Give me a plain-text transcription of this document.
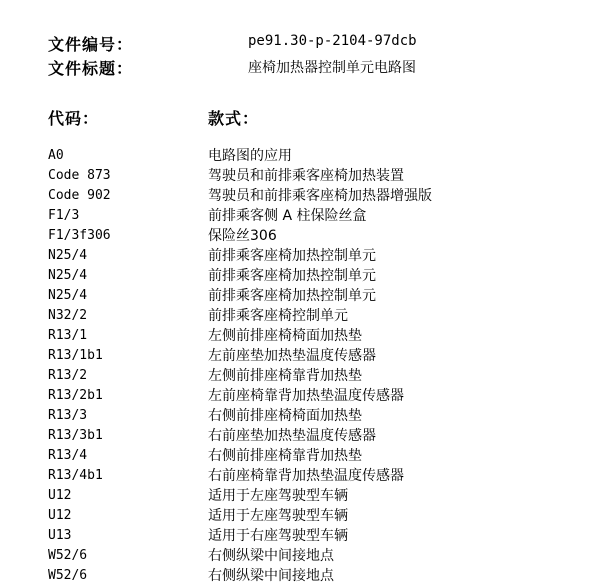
文件编号：	pe91.30-p-2104-97dcb
文件标题：	座椅加热器控制单元电路图
代码：	款式：
A0	电路图的应用
Code 873	驾驶员和前排乘客座椅加热装置
Code 902	驾驶员和前排乘客座椅加热器增强版
F1/3	前排乘客侧 A 柱保险丝盒
F1/3f306	保险丝306
N25/4	前排乘客座椅加热控制单元
N25/4	前排乘客座椅加热控制单元
N25/4	前排乘客座椅加热控制单元
N32/2	前排乘客座椅控制单元
R13/1	左侧前排座椅椅面加热垫
R13/1b1	左前座垫加热垫温度传感器
R13/2	左侧前排座椅靠背加热垫
R13/2b1	左前座椅靠背加热垫温度传感器
R13/3	右侧前排座椅椅面加热垫
R13/3b1	右前座垫加热垫温度传感器
R13/4	右侧前排座椅靠背加热垫
R13/4b1	右前座椅靠背加热垫温度传感器
U12	适用于左座驾驶型车辆
U12	适用于左座驾驶型车辆
U13	适用于右座驾驶型车辆
W52/6	右侧纵梁中间接地点
W52/6	右侧纵梁中间接地点
